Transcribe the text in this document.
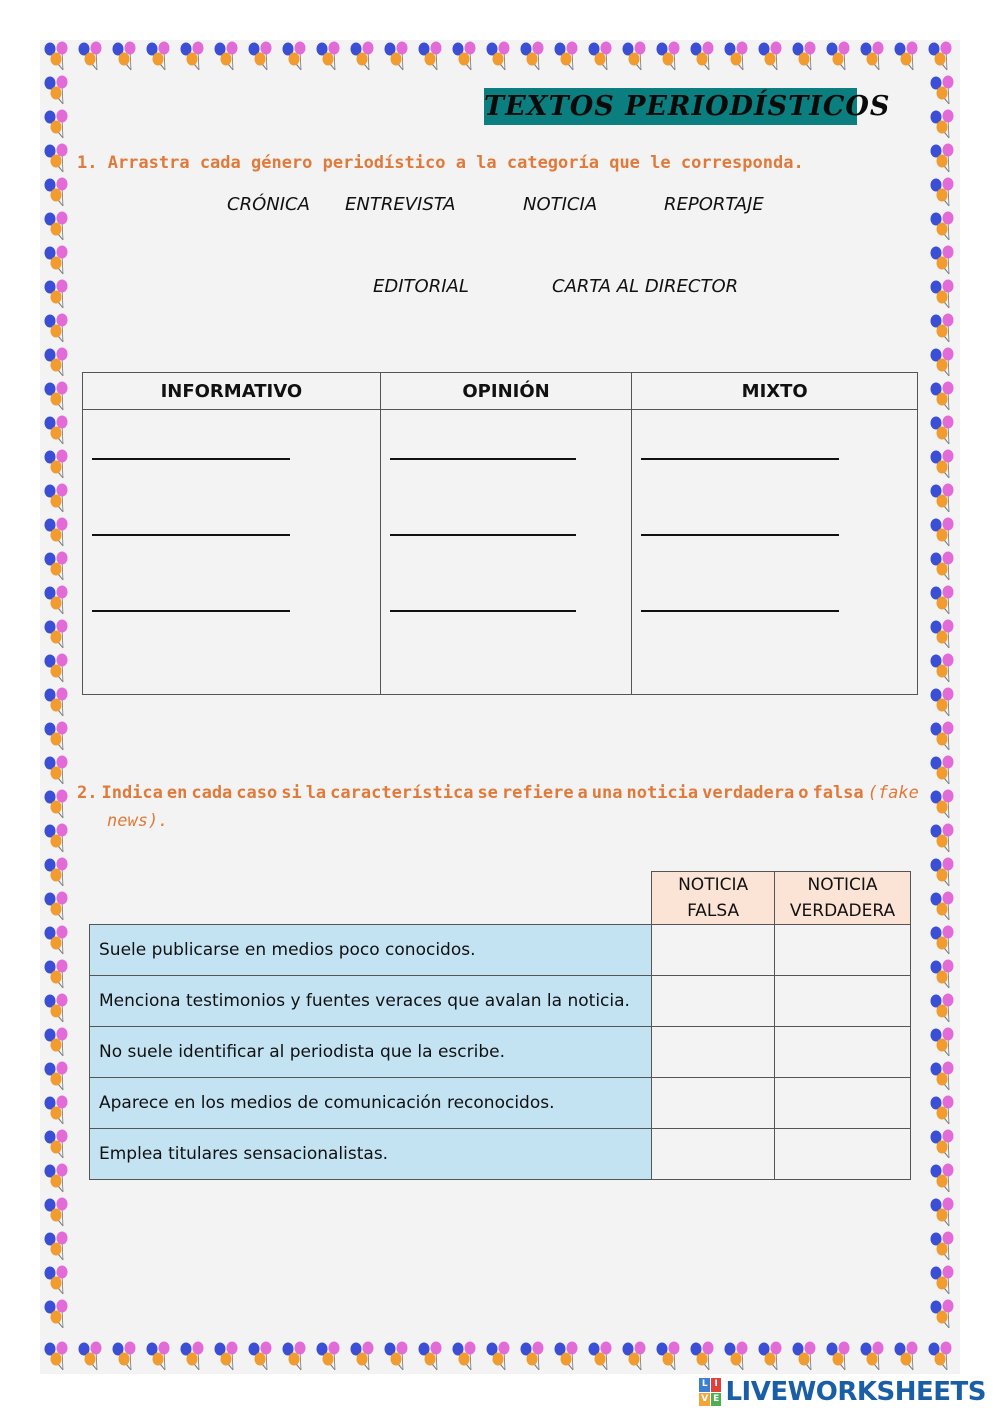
TEXTOS PERIODÍSTICOS
1. Arrastra cada género periodístico a la categoría que le corresponda.
CRÓNICA ENTREVISTA	NOTICIA	REPORTAJE
EDITORIAL	CARTA AL DIRECTOR
INFORMATIVO	OPINIÓN	MIXTO

2. Indica en cada caso si la característica se refiere a una noticia verdadera o falsa (fake
news).
	NOTICIA FALSA	NOTICIA VERDADERA
Suele publicarse en medios poco conocidos.		
Menciona testimonios y fuentes veraces que avalan la noticia.		
No suele identificar al periodista que la escribe.		
Aparece en los medios de comunicación reconocidos.		
Emplea titulares sensacionalistas.		
L I
V E LIVEWORKSHEETS
